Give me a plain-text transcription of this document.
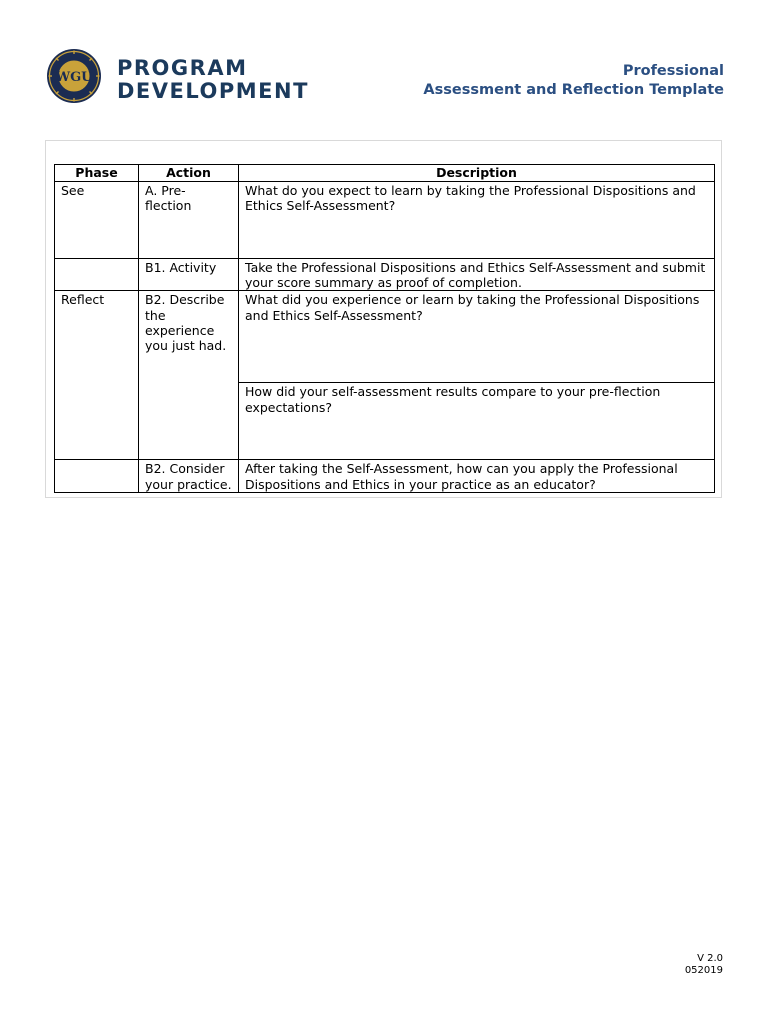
WGU PROGRAM
DEVELOPMENT
Professional
Assessment and Reflection Template
Phase	Action	Description
See	A. Pre-flection	What do you expect to learn by taking the Professional Dispositions and Ethics Self-Assessment?
	B1. Activity	Take the Professional Dispositions and Ethics Self-Assessment and submit your score summary as proof of completion.
Reflect	B2. Describe the experience you just had.	What did you experience or learn by taking the Professional Dispositions and Ethics Self-Assessment?
		How did your self-assessment results compare to your pre-flection expectations?
	B2. Consider your practice.	After taking the Self-Assessment, how can you apply the Professional Dispositions and Ethics in your practice as an educator?
V 2.0
052019
